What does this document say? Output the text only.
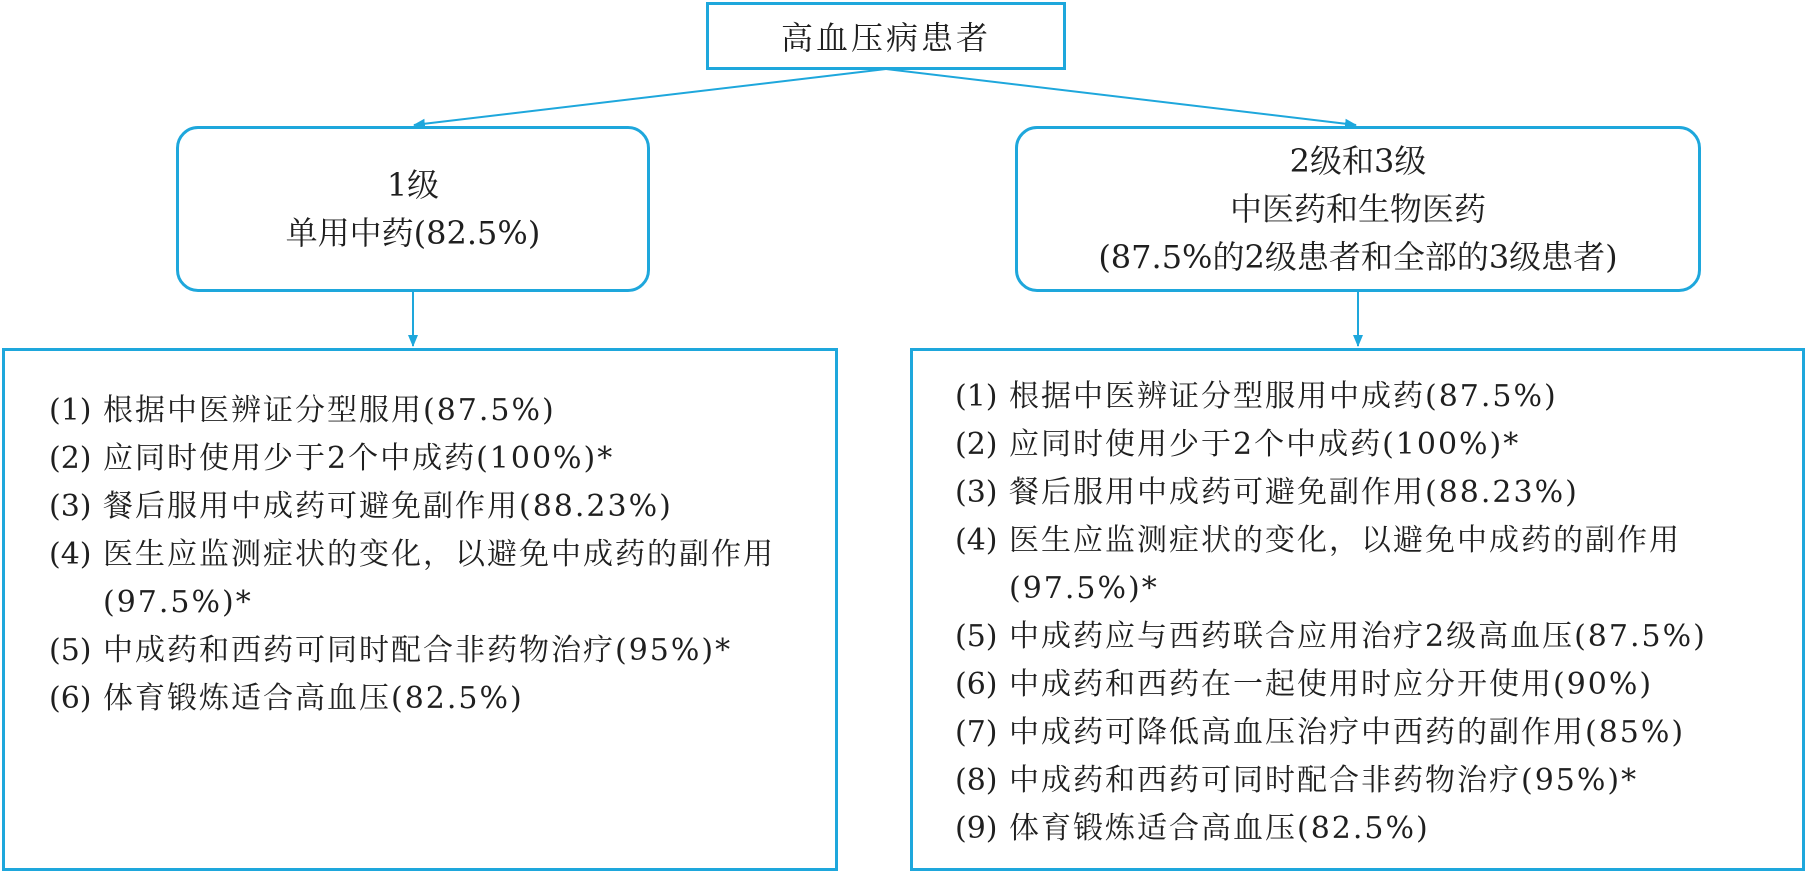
高血压病患者
1级
单用中药(82.5%)
2级和3级
中医药和生物医药
(87.5%的2级患者和全部的3级患者)
(1) 根据中医辨证分型服用(87.5%)
(2) 应同时使用少于2个中成药(100%)*
(3) 餐后服用中成药可避免副作用(88.23%)
(4) 医生应监测症状的变化，以避免中成药的副作用(97.5%)*
(5) 中成药和西药可同时配合非药物治疗(95%)*
(6) 体育锻炼适合高血压(82.5%)
(1) 根据中医辨证分型服用中成药(87.5%)
(2) 应同时使用少于2个中成药(100%)*
(3) 餐后服用中成药可避免副作用(88.23%)
(4) 医生应监测症状的变化，以避免中成药的副作用(97.5%)*
(5) 中成药应与西药联合应用治疗2级高血压(87.5%)
(6) 中成药和西药在一起使用时应分开使用(90%)
(7) 中成药可降低高血压治疗中西药的副作用(85%)
(8) 中成药和西药可同时配合非药物治疗(95%)*
(9) 体育锻炼适合高血压(82.5%)
